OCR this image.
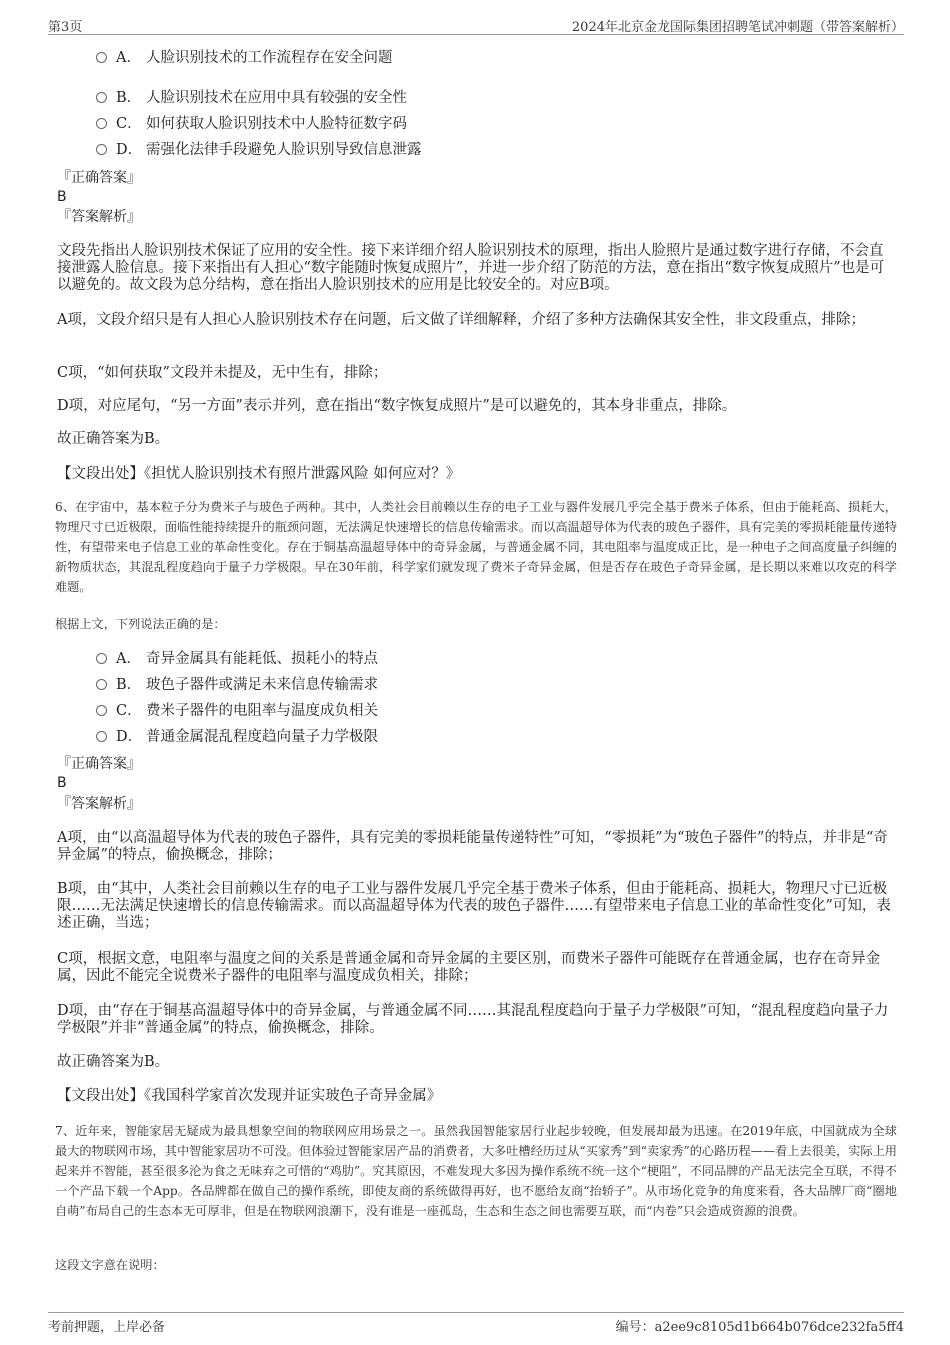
第3页	2024年北京金龙国际集团招聘笔试冲刺题（带答案解析）
A． 人脸识别技术的工作流程存在安全问题
B． 人脸识别技术在应用中具有较强的安全性
C． 如何获取人脸识别技术中人脸特征数字码
D． 需强化法律手段避免人脸识别导致信息泄露
『正确答案』
B
『答案解析』
文段先指出人脸识别技术保证了应用的安全性。接下来详细介绍人脸识别技术的原理，指出人脸照片是通过数字进行存储，不会直接泄露人脸信息。接下来指出有人担心“数字能随时恢复成照片”，并进一步介绍了防范的方法，意在指出“数字恢复成照片”也是可以避免的。故文段为总分结构，意在指出人脸识别技术的应用是比较安全的。对应B项。
A项，文段介绍只是有人担心人脸识别技术存在问题，后文做了详细解释，介绍了多种方法确保其安全性，非文段重点，排除；
C项，“如何获取”文段并未提及，无中生有，排除；
D项，对应尾句，“另一方面”表示并列，意在指出“数字恢复成照片”是可以避免的，其本身非重点，排除。
故正确答案为B。
【文段出处】《担忧人脸识别技术有照片泄露风险 如何应对？》
6、在宇宙中，基本粒子分为费米子与玻色子两种。其中，人类社会目前赖以生存的电子工业与器件发展几乎完全基于费米子体系，但由于能耗高、损耗大，物理尺寸已近极限，面临性能持续提升的瓶颈问题，无法满足快速增长的信息传输需求。而以高温超导体为代表的玻色子器件，具有完美的零损耗能量传递特性，有望带来电子信息工业的革命性变化。存在于铜基高温超导体中的奇异金属，与普通金属不同，其电阻率与温度成正比，是一种电子之间高度量子纠缠的新物质状态，其混乱程度趋向于量子力学极限。早在30年前，科学家们就发现了费米子奇异金属，但是否存在玻色子奇异金属，是长期以来难以攻克的科学难题。
根据上文，下列说法正确的是：
A． 奇异金属具有能耗低、损耗小的特点
B． 玻色子器件或满足未来信息传输需求
C． 费米子器件的电阻率与温度成负相关
D． 普通金属混乱程度趋向量子力学极限
『正确答案』
B
『答案解析』
A项，由“以高温超导体为代表的玻色子器件，具有完美的零损耗能量传递特性”可知，“零损耗”为“玻色子器件”的特点，并非是“奇异金属”的特点，偷换概念，排除；
B项，由“其中，人类社会目前赖以生存的电子工业与器件发展几乎完全基于费米子体系，但由于能耗高、损耗大，物理尺寸已近极限……无法满足快速增长的信息传输需求。而以高温超导体为代表的玻色子器件……有望带来电子信息工业的革命性变化”可知，表述正确，当选；
C项，根据文意，电阻率与温度之间的关系是普通金属和奇异金属的主要区别，而费米子器件可能既存在普通金属，也存在奇异金属，因此不能完全说费米子器件的电阻率与温度成负相关，排除；
D项，由“存在于铜基高温超导体中的奇异金属，与普通金属不同……其混乱程度趋向于量子力学极限”可知，“混乱程度趋向量子力学极限”并非“普通金属”的特点，偷换概念，排除。
故正确答案为B。
【文段出处】《我国科学家首次发现并证实玻色子奇异金属》
7、近年来，智能家居无疑成为最具想象空间的物联网应用场景之一。虽然我国智能家居行业起步较晚，但发展却最为迅速。在2019年底，中国就成为全球最大的物联网市场，其中智能家居功不可没。但体验过智能家居产品的消费者，大多吐槽经历过从“买家秀”到“卖家秀”的心路历程——看上去很美，实际上用起来并不智能，甚至很多沦为食之无味弃之可惜的“鸡肋”。究其原因，不难发现大多因为操作系统不统一这个“梗阻”，不同品牌的产品无法完全互联，不得不一个产品下载一个App。各品牌都在做自己的操作系统，即使友商的系统做得再好，也不愿给友商“抬轿子”。从市场化竞争的角度来看，各大品牌厂商“圈地自萌”布局自己的生态本无可厚非，但是在物联网浪潮下，没有谁是一座孤岛，生态和生态之间也需要互联，而“内卷”只会造成资源的浪费。
这段文字意在说明：
考前押题，上岸必备	编号：a2ee9c8105d1b664b076dce232fa5ff4
